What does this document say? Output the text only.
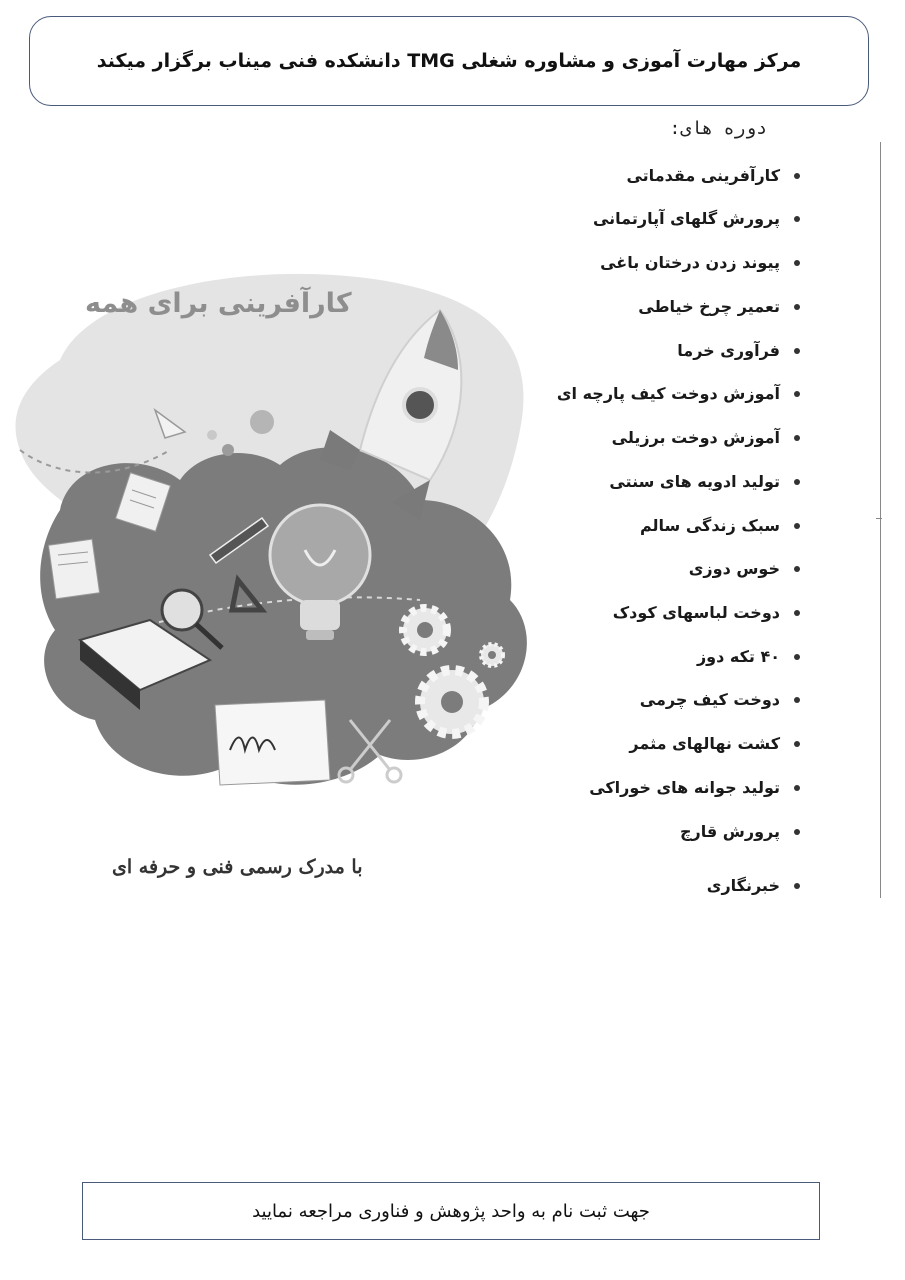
مرکز مهارت آموزی و مشاوره شغلی TMG دانشکده فنی میناب برگزار میکند
دوره های:
کارآفرینی برای همه
کارآفرینی مقدماتی
پرورش گلهای آپارتمانی
پیوند زدن درختان باغی
تعمیر چرخ خیاطی
فرآوری خرما
آموزش دوخت کیف پارچه ای
آموزش دوخت برزیلی
تولید ادویه های سنتی
سبک زندگی سالم
خوس دوزی
دوخت لباسهای کودک
۴۰ تکه دوز
دوخت کیف چرمی
کشت نهالهای مثمر
تولید جوانه های خوراکی
پرورش قارچ
خبرنگاری
با مدرک رسمی فنی و حرفه ای
جهت ثبت نام به واحد پژوهش و فناوری مراجعه نمایید
